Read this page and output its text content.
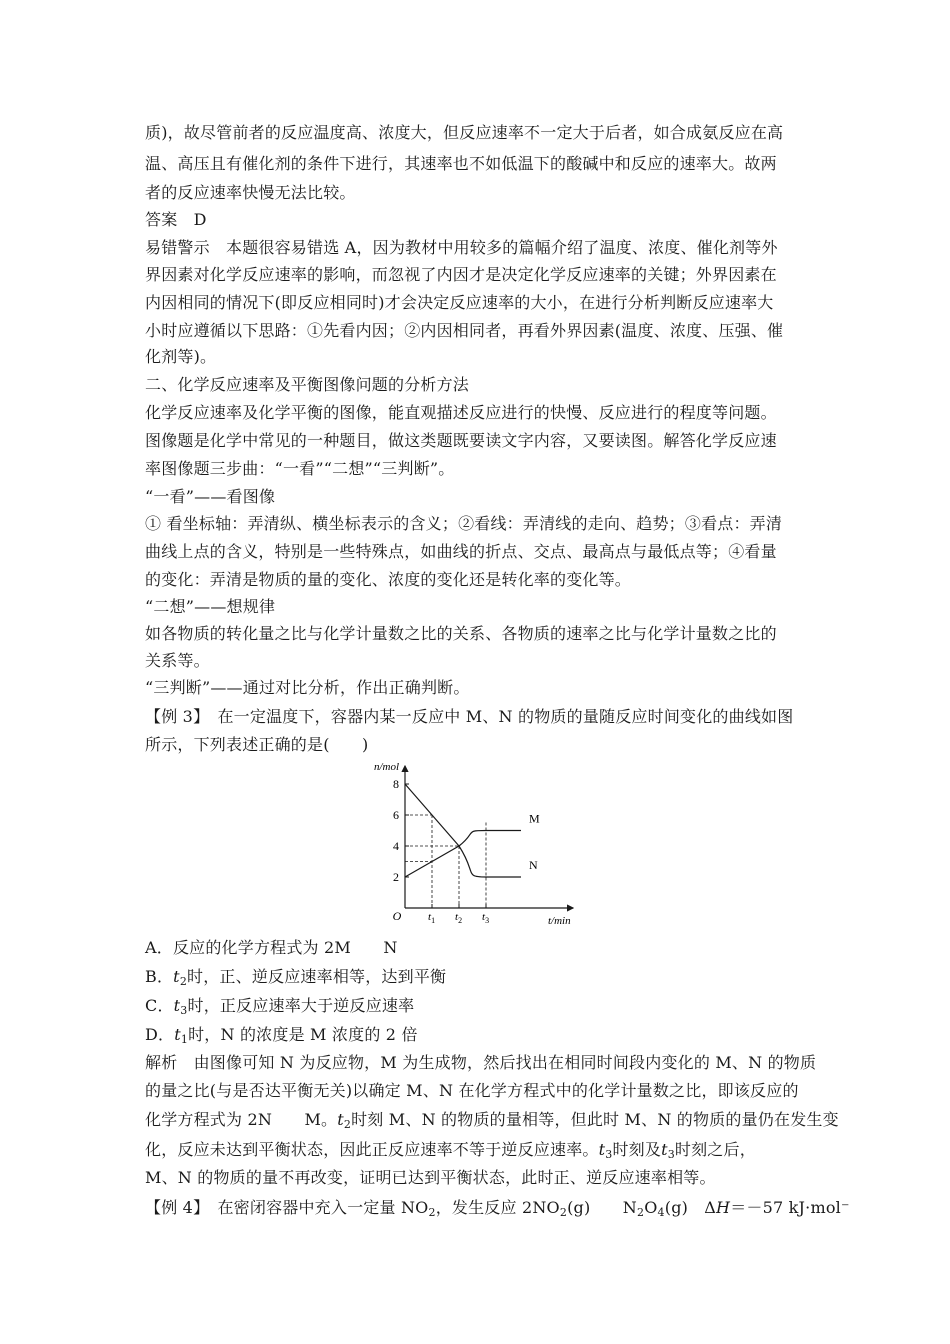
质)，故尽管前者的反应温度高、浓度大，但反应速率不一定大于后者，如合成氨反应在高
温、高压且有催化剂的条件下进行，其速率也不如低温下的酸碱中和反应的速率大。故两
者的反应速率快慢无法比较。
答案　D
易错警示　本题很容易错选 A，因为教材中用较多的篇幅介绍了温度、浓度、催化剂等外
界因素对化学反应速率的影响，而忽视了内因才是决定化学反应速率的关键；外界因素在
内因相同的情况下(即反应相同时)才会决定反应速率的大小，在进行分析判断反应速率大
小时应遵循以下思路：①先看内因；②内因相同者，再看外界因素(温度、浓度、压强、催
化剂等)。
二、化学反应速率及平衡图像问题的分析方法
化学反应速率及化学平衡的图像，能直观描述反应进行的快慢、反应进行的程度等问题。
图像题是化学中常见的一种题目，做这类题既要读文字内容，又要读图。解答化学反应速
率图像题三步曲：“一看”“二想”“三判断”。
“一看”——看图像
① 看坐标轴：弄清纵、横坐标表示的含义；②看线：弄清线的走向、趋势；③看点：弄清
曲线上点的含义，特别是一些特殊点，如曲线的折点、交点、最高点与最低点等；④看量
的变化：弄清是物质的量的变化、浓度的变化还是转化率的变化等。
“二想”——想规律
如各物质的转化量之比与化学计量数之比的关系、各物质的速率之比与化学计量数之比的
关系等。
“三判断”——通过对比分析，作出正确判断。
【例 3】　在一定温度下，容器内某一反应中 M、N 的物质的量随反应时间变化的曲线如图
所示，下列表述正确的是(　　)
n/mol
t/min
O
2
4
6
8
$t_1$ $t_2$ $t_3$
M
N
A．反应的化学方程式为 2M　　N
B．$t_2$时，正、逆反应速率相等，达到平衡
C．$t_3$时，正反应速率大于逆反应速率
D．$t_1$时，N 的浓度是 M 浓度的 2 倍
解析　由图像可知 N 为反应物，M 为生成物，然后找出在相同时间段内变化的 M、N 的物质
的量之比(与是否达平衡无关)以确定 M、N 在化学方程式中的化学计量数之比，即该反应的
化学方程式为 2N　　M。$t_2$时刻 M、N 的物质的量相等，但此时 M、N 的物质的量仍在发生变
化，反应未达到平衡状态，因此正反应速率不等于逆反应速率。$t_3$时刻及$t_3$时刻之后，
M、N 的物质的量不再改变，证明已达到平衡状态，此时正、逆反应速率相等。
【例 4】　在密闭容器中充入一定量 $NO_2$，发生反应 $2NO_2(g)$　　$N_2O_4(g)$　ΔH＝－57 kJ·mol⁻
